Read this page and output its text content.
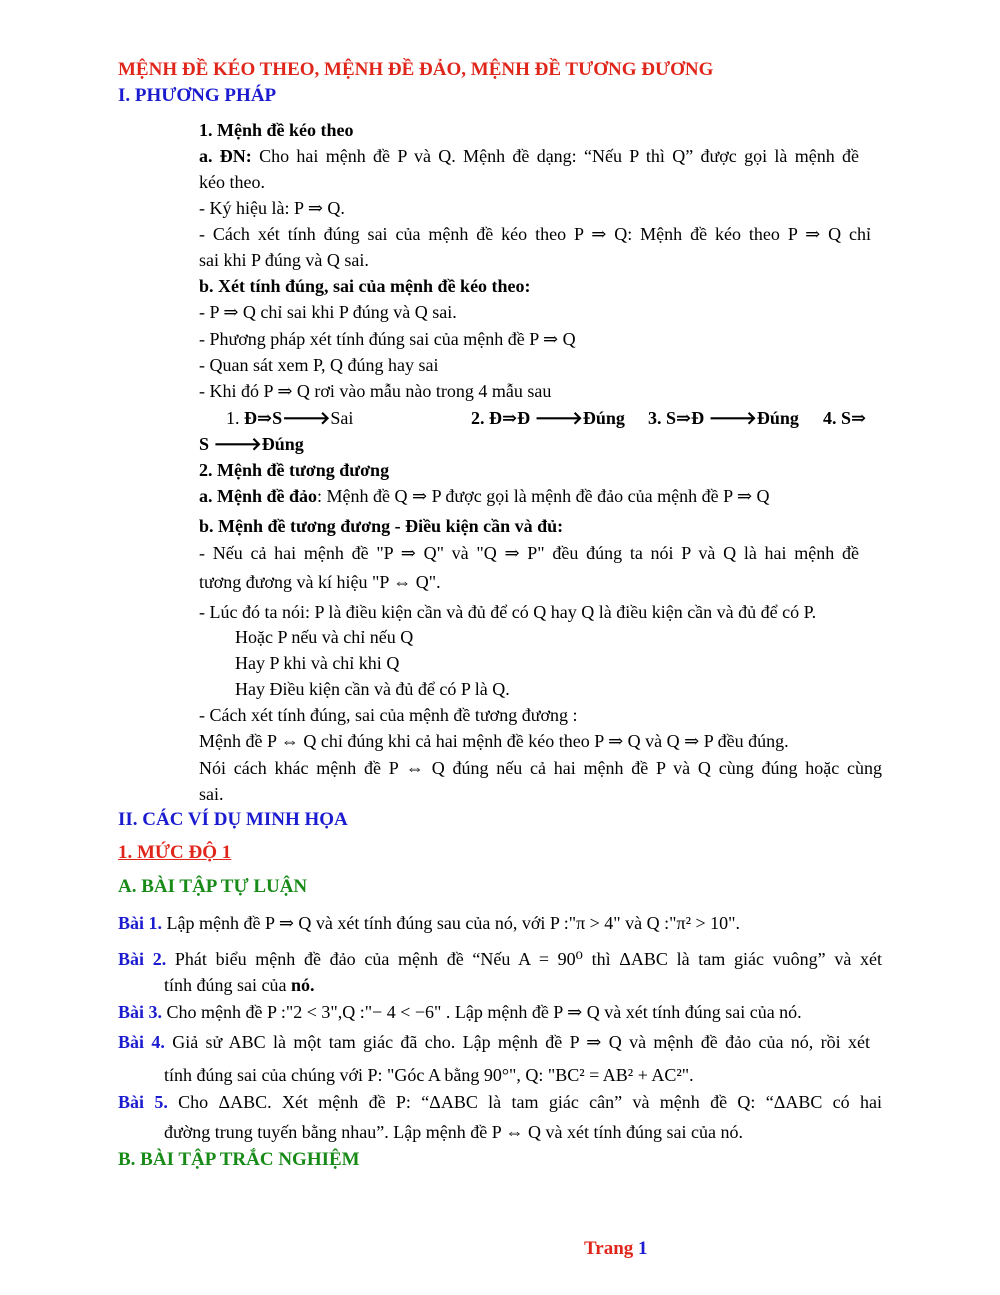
MỆNH ĐỀ KÉO THEO, MỆNH ĐỀ ĐẢO, MỆNH ĐỀ TƯƠNG ĐƯƠNG
I. PHƯƠNG PHÁP
1. Mệnh đề kéo theo
a. ĐN: Cho hai mệnh đề P và Q. Mệnh đề dạng: “Nếu P thì Q” được gọi là mệnh đề
kéo theo.
- Ký hiệu là: P ⇒ Q.
- Cách xét tính đúng sai của mệnh đề kéo theo P ⇒ Q: Mệnh đề kéo theo P ⇒ Q chỉ
sai khi P đúng và Q sai.
b. Xét tính đúng, sai của mệnh đề kéo theo:
- P ⇒ Q chỉ sai khi P đúng và Q sai.
- Phương pháp xét tính đúng sai của mệnh đề P ⇒ Q
- Quan sát xem P, Q đúng hay sai
- Khi đó P ⇒ Q rơi vào mẫu nào trong 4 mẫu sau
1. Đ⇒S🡒Sai	2. Đ⇒Đ 🡒Đúng 3. S⇒Đ 🡒Đúng 4. S⇒
S 🡒Đúng
2. Mệnh đề tương đương
a. Mệnh đề đảo: Mệnh đề Q ⇒ P được gọi là mệnh đề đảo của mệnh đề P ⇒ Q
b. Mệnh đề tương đương - Điều kiện cần và đủ:
- Nếu cả hai mệnh đề "P ⇒ Q" và "Q ⇒ P" đều đúng ta nói P và Q là hai mệnh đề
tương đương và kí hiệu "P ⇔ Q".
- Lúc đó ta nói: P là điều kiện cần và đủ để có Q hay Q là điều kiện cần và đủ để có P.
Hoặc P nếu và chỉ nếu Q
Hay P khi và chỉ khi Q
Hay Điều kiện cần và đủ để có P là Q.
- Cách xét tính đúng, sai của mệnh đề tương đương :
Mệnh đề P ⇔ Q chỉ đúng khi cả hai mệnh đề kéo theo P ⇒ Q và Q ⇒ P đều đúng.
Nói cách khác mệnh đề P ⇔ Q đúng nếu cả hai mệnh đề P và Q cùng đúng hoặc cùng
sai.
II. CÁC VÍ DỤ MINH HỌA
1. MỨC ĐỘ 1
A. BÀI TẬP TỰ LUẬN
Bài 1. Lập mệnh đề P ⇒ Q và xét tính đúng sau của nó, với P :"π > 4" và Q :"π² > 10".
Bài 2. Phát biểu mệnh đề đảo của mệnh đề “Nếu A = 90⁰ thì ΔABC là tam giác vuông” và xét
tính đúng sai của nó.
Bài 3. Cho mệnh đề P :"2 < 3",Q :"− 4 < −6" . Lập mệnh đề P ⇒ Q và xét tính đúng sai của nó.
Bài 4. Giả sử ABC là một tam giác đã cho. Lập mệnh đề P ⇒ Q và mệnh đề đảo của nó, rồi xét
tính đúng sai của chúng với P: "Góc A bằng 90°", Q: "BC² = AB² + AC²".
Bài 5. Cho ΔABC. Xét mệnh đề P: “ΔABC là tam giác cân” và mệnh đề Q: “ΔABC có hai
đường trung tuyến bằng nhau”. Lập mệnh đề P ⇔ Q và xét tính đúng sai của nó.
B. BÀI TẬP TRẮC NGHIỆM
Trang 1
